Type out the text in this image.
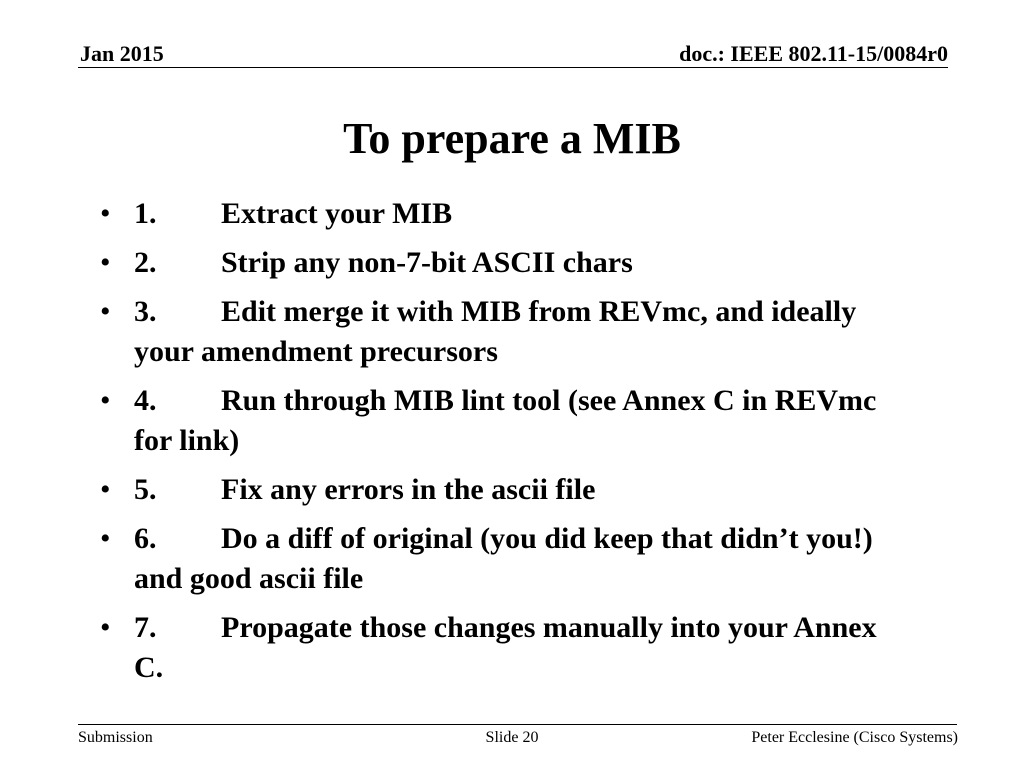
Jan 2015	doc.: IEEE 802.11-15/0084r0
To prepare a MIB
• 1. Extract your MIB
• 2. Strip any non-7-bit ASCII chars
• 3. Edit merge it with MIB from REVmc, and ideally your amendment precursors
• 4. Run through MIB lint tool (see Annex C in REVmc for link)
• 5. Fix any errors in the ascii file
• 6. Do a diff of original (you did keep that didn’t you!) and good ascii file
• 7. Propagate those changes manually into your Annex C.
Submission	Slide 20	Peter Ecclesine (Cisco Systems)
